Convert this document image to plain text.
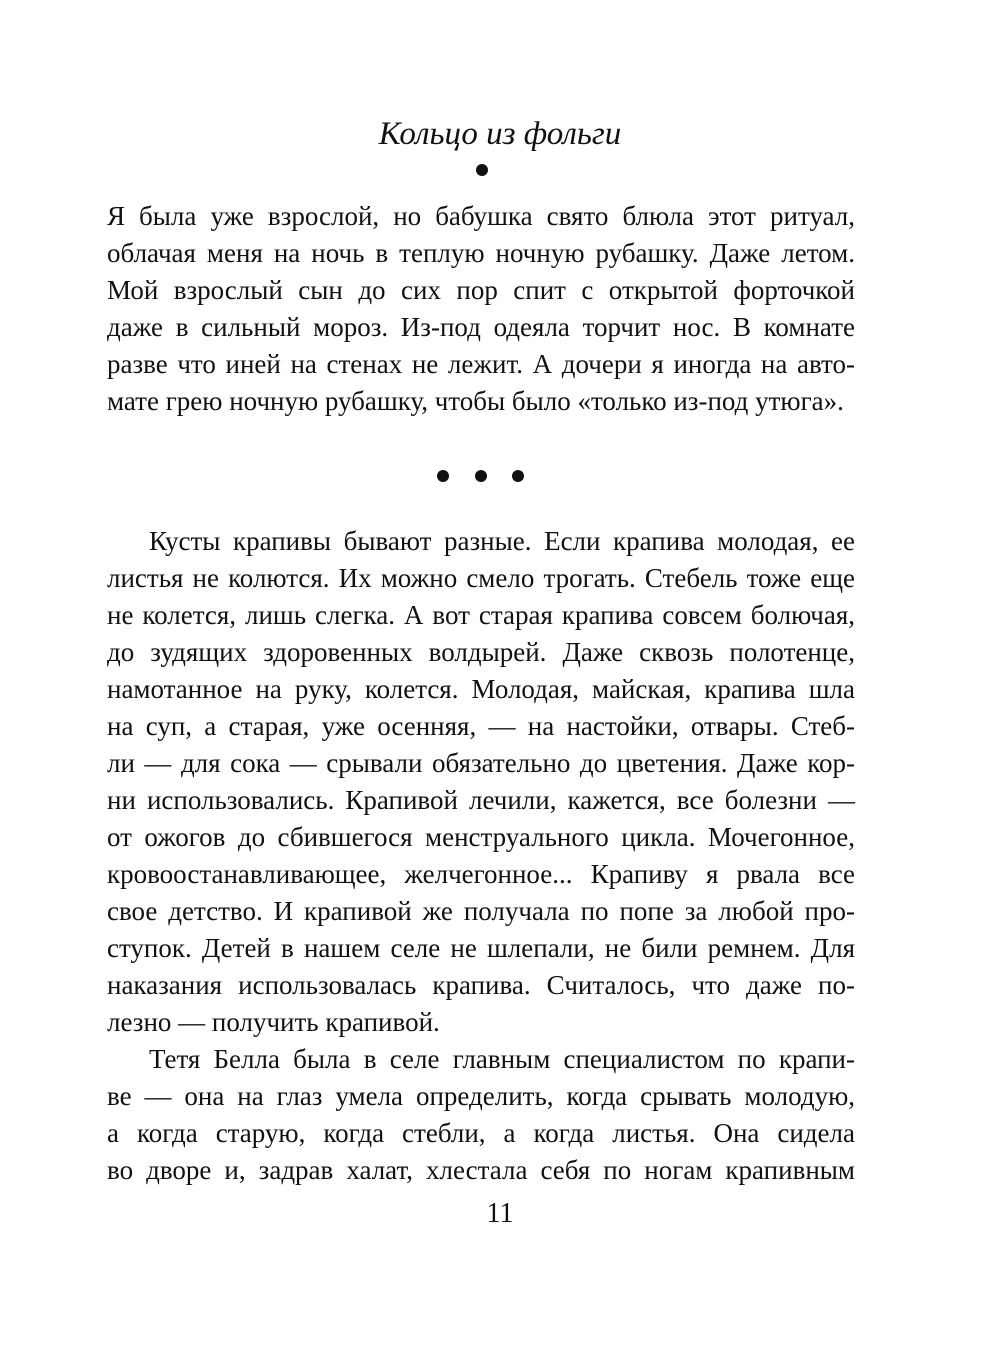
Кольцо из фольги
Я была уже взрослой, но бабушка свято блюла этот ритуал,
облачая меня на ночь в теплую ночную рубашку. Даже летом.
Мой взрослый сын до сих пор спит с открытой форточкой
даже в сильный мороз. Из-под одеяла торчит нос. В комнате
разве что иней на стенах не лежит. А дочери я иногда на авто-
мате грею ночную рубашку, чтобы было «только из-под утюга».
Кусты крапивы бывают разные. Если крапива молодая, ее
листья не колются. Их можно смело трогать. Стебель тоже еще
не колется, лишь слегка. А вот старая крапива совсем болючая,
до зудящих здоровенных волдырей. Даже сквозь полотенце,
намотанное на руку, колется. Молодая, майская, крапива шла
на суп, а старая, уже осенняя, — на настойки, отвары. Стеб-
ли — для сока — срывали обязательно до цветения. Даже кор-
ни использовались. Крапивой лечили, кажется, все болезни —
от ожогов до сбившегося менструального цикла. Мочегонное,
кровоостанавливающее, желчегонное... Крапиву я рвала все
свое детство. И крапивой же получала по попе за любой про-
ступок. Детей в нашем селе не шлепали, не били ремнем. Для
наказания использовалась крапива. Считалось, что даже по-
лезно — получить крапивой.
Тетя Белла была в селе главным специалистом по крапи-
ве — она на глаз умела определить, когда срывать молодую,
а когда старую, когда стебли, а когда листья. Она сидела
во дворе и, задрав халат, хлестала себя по ногам крапивным
11
